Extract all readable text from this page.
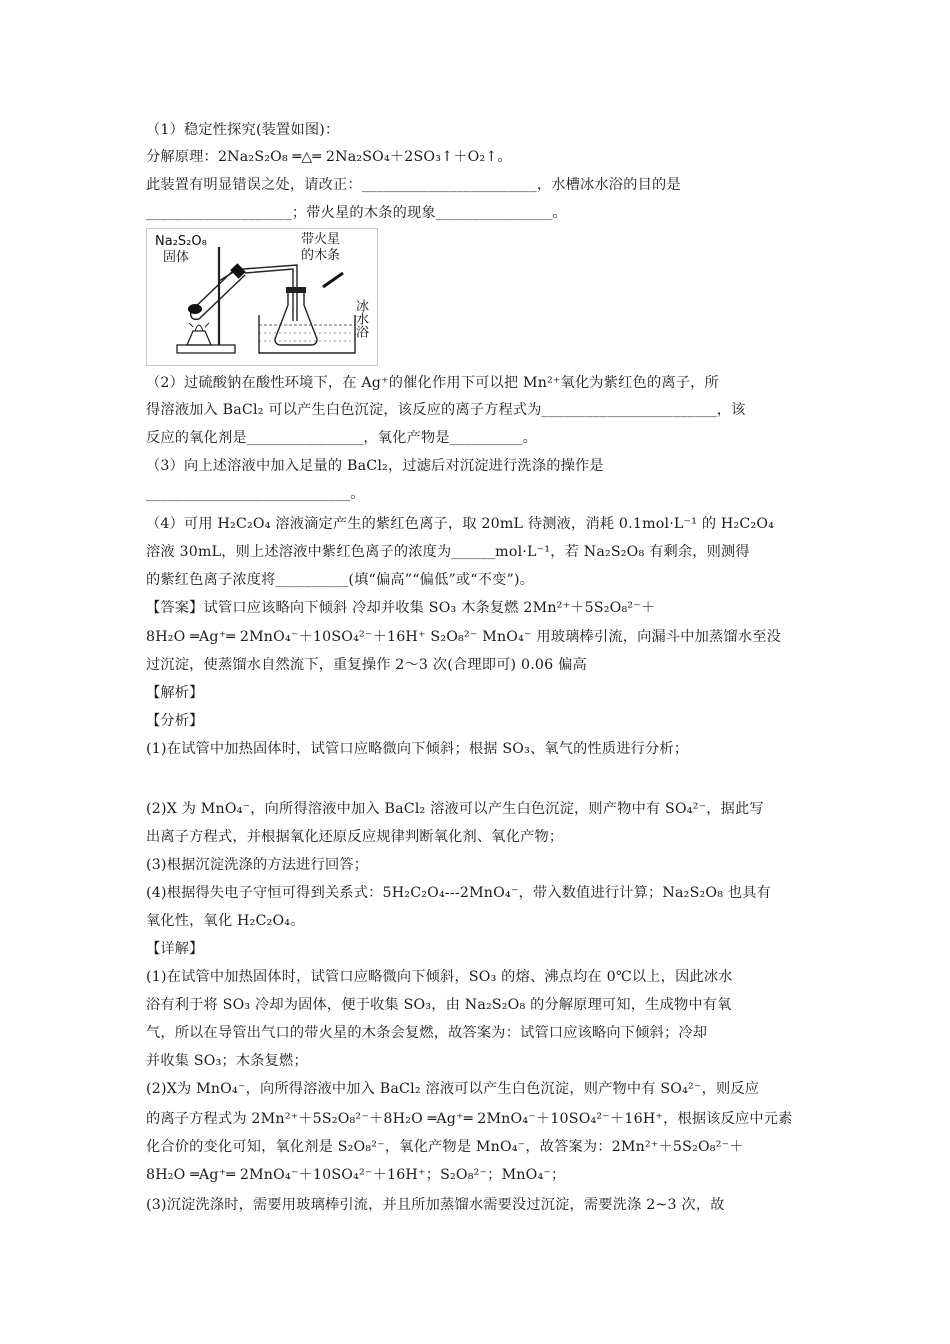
（1）稳定性探究(装置如图)：
分解原理：2Na₂S₂O₈ ═△═ 2Na₂SO₄＋2SO₃↑＋O₂↑。
此装置有明显错误之处，请改正：________________________，水槽冰水浴的目的是
____________________；带火星的木条的现象________________。
Na₂S₂O₈
固体
带火星
的木条
冰水浴
（2）过硫酸钠在酸性环境下，在 Ag⁺的催化作用下可以把 Mn²⁺氧化为紫红色的离子，所
得溶液加入 BaCl₂ 可以产生白色沉淀，该反应的离子方程式为________________________，该
反应的氧化剂是________________，氧化产物是__________。
（3）向上述溶液中加入足量的 BaCl₂，过滤后对沉淀进行洗涤的操作是
____________________________。
（4）可用 H₂C₂O₄ 溶液滴定产生的紫红色离子，取 20mL 待测液，消耗 0.1mol·L⁻¹ 的 H₂C₂O₄
溶液 30mL，则上述溶液中紫红色离子的浓度为______mol·L⁻¹，若 Na₂S₂O₈ 有剩余，则测得
的紫红色离子浓度将__________(填“偏高”“偏低”或“不变”)。
【答案】试管口应该略向下倾斜 冷却并收集 SO₃ 木条复燃 2Mn²⁺＋5S₂O₈²⁻＋
8H₂O ═Ag⁺═ 2MnO₄⁻＋10SO₄²⁻＋16H⁺ S₂O₈²⁻ MnO₄⁻ 用玻璃棒引流，向漏斗中加蒸馏水至没
过沉淀，使蒸馏水自然流下，重复操作 2～3 次(合理即可) 0.06 偏高
【解析】
【分析】
(1)在试管中加热固体时，试管口应略微向下倾斜；根据 SO₃、氧气的性质进行分析；
(2)X 为 MnO₄⁻，向所得溶液中加入 BaCl₂ 溶液可以产生白色沉淀，则产物中有 SO₄²⁻，据此写
出离子方程式，并根据氧化还原反应规律判断氧化剂、氧化产物；
(3)根据沉淀洗涤的方法进行回答；
(4)根据得失电子守恒可得到关系式：5H₂C₂O₄---2MnO₄⁻，带入数值进行计算；Na₂S₂O₈ 也具有
氧化性，氧化 H₂C₂O₄。
【详解】
(1)在试管中加热固体时，试管口应略微向下倾斜，SO₃ 的熔、沸点均在 0℃以上，因此冰水
浴有利于将 SO₃ 冷却为固体，便于收集 SO₃，由 Na₂S₂O₈ 的分解原理可知，生成物中有氧
气，所以在导管出气口的带火星的木条会复燃，故答案为：试管口应该略向下倾斜；冷却
并收集 SO₃；木条复燃；
(2)X为 MnO₄⁻，向所得溶液中加入 BaCl₂ 溶液可以产生白色沉淀，则产物中有 SO₄²⁻，则反应
的离子方程式为 2Mn²⁺＋5S₂O₈²⁻＋8H₂O ═Ag⁺═ 2MnO₄⁻＋10SO₄²⁻＋16H⁺，根据该反应中元素
化合价的变化可知，氧化剂是 S₂O₈²⁻，氧化产物是 MnO₄⁻，故答案为：2Mn²⁺＋5S₂O₈²⁻＋
8H₂O ═Ag⁺═ 2MnO₄⁻＋10SO₄²⁻＋16H⁺；S₂O₈²⁻；MnO₄⁻；
(3)沉淀洗涤时，需要用玻璃棒引流，并且所加蒸馏水需要没过沉淀，需要洗涤 2~3 次，故
